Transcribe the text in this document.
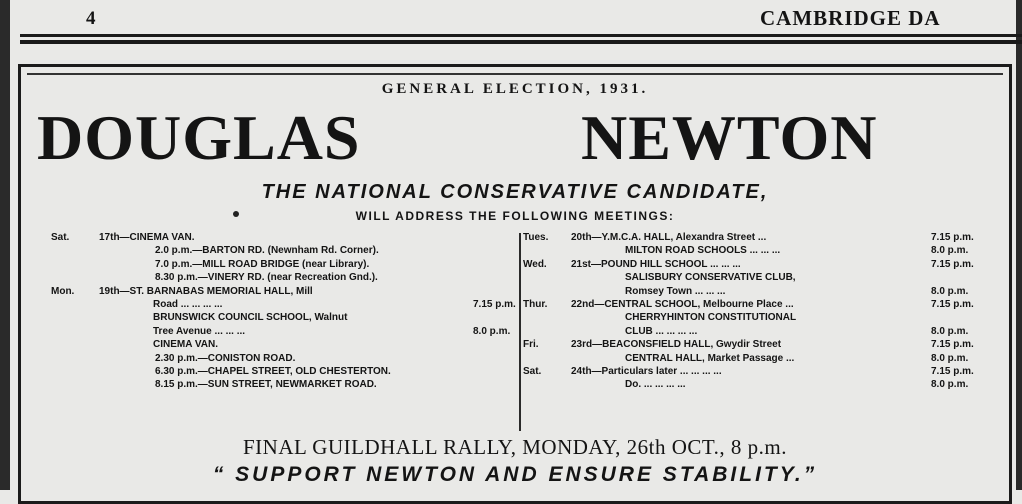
4	CAMBRIDGE DA
GENERAL ELECTION, 1931.
DOUGLAS	NEWTON
THE NATIONAL CONSERVATIVE CANDIDATE,
WILL ADDRESS THE FOLLOWING MEETINGS:
Sat.	17th—CINEMA VAN.
2.0 p.m.—BARTON RD. (Newnham Rd. Corner).
7.0 p.m.—MILL ROAD BRIDGE (near Library).
8.30 p.m.—VINERY RD. (near Recreation Gnd.).
Mon. 19th—ST. BARNABAS MEMORIAL HALL, Mill
Road ... ... ... ...	7.15 p.m.
BRUNSWICK COUNCIL SCHOOL, Walnut
Tree Avenue ... ... ...	8.0 p.m.
CINEMA VAN.
2.30 p.m.—CONISTON ROAD.
6.30 p.m.—CHAPEL STREET, OLD CHESTERTON.
8.15 p.m.—SUN STREET, NEWMARKET ROAD.
Tues. 20th—Y.M.C.A. HALL, Alexandra Street ...	7.15 p.m.
MILTON ROAD SCHOOLS ... ... ...	8.0 p.m.
Wed. 21st—POUND HILL SCHOOL ... ... ...	7.15 p.m.
SALISBURY CONSERVATIVE CLUB,
Romsey Town ... ... ...	8.0 p.m.
Thur. 22nd—CENTRAL SCHOOL, Melbourne Place ...	7.15 p.m.
CHERRYHINTON CONSTITUTIONAL
CLUB ... ... ... ...	8.0 p.m.
Fri.	23rd—BEACONSFIELD HALL, Gwydir Street	7.15 p.m.
CENTRAL HALL, Market Passage ...	8.0 p.m.
Sat.	24th—Particulars later ... ... ... ...	7.15 p.m.
Do. ... ... ... ...	8.0 p.m.
FINAL GUILDHALL RALLY, MONDAY, 26th OCT., 8 p.m.
“ SUPPORT NEWTON AND ENSURE STABILITY.”
